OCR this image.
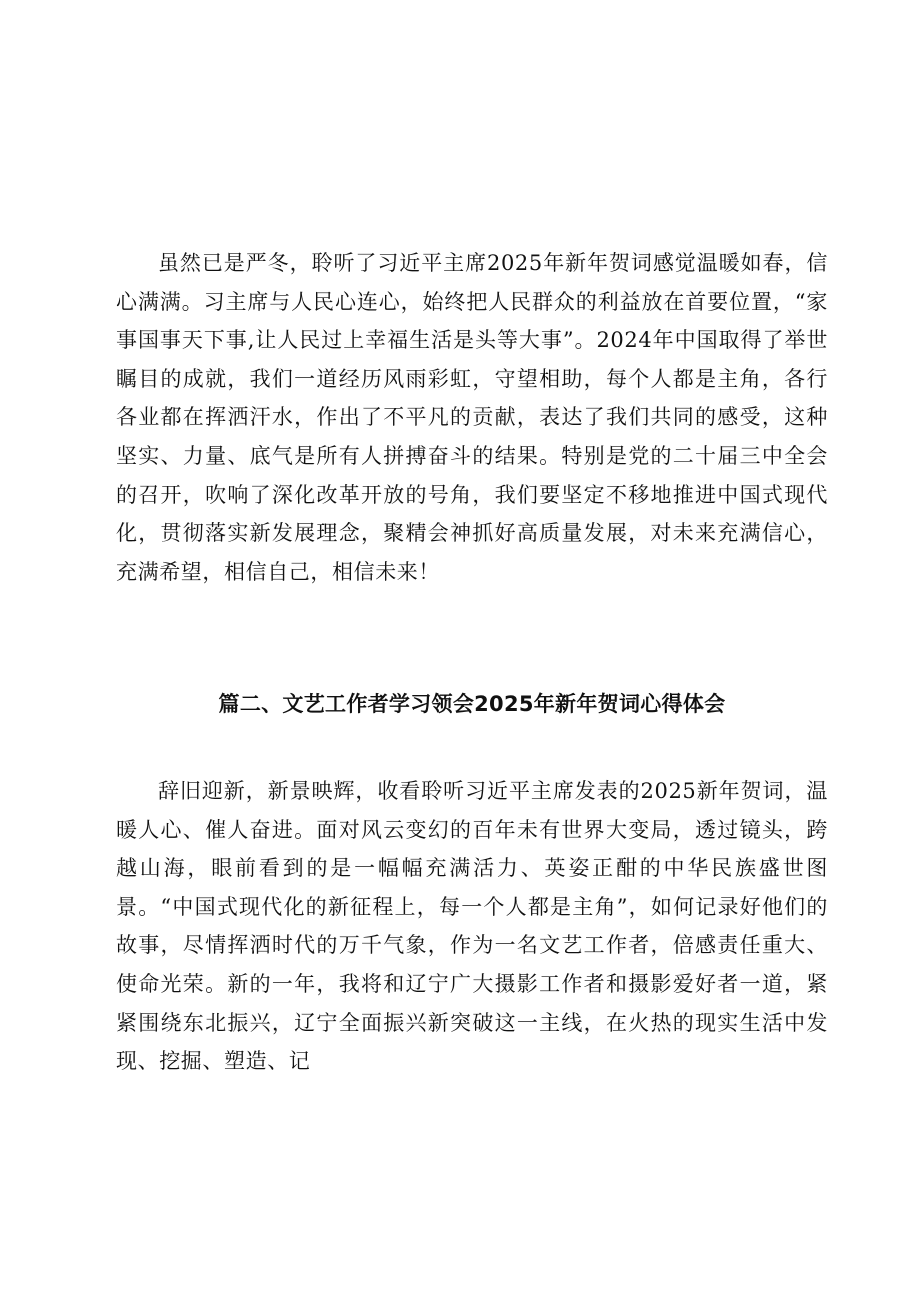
虽然已是严冬，聆听了习近平主席2025年新年贺词感觉温暖如春，信心满满。习主席与人民心连心，始终把人民群众的利益放在首要位置，“家事国事天下事,让人民过上幸福生活是头等大事”。2024年中国取得了举世瞩目的成就，我们一道经历风雨彩虹，守望相助，每个人都是主角，各行各业都在挥洒汗水，作出了不平凡的贡献，表达了我们共同的感受，这种坚实、力量、底气是所有人拼搏奋斗的结果。特别是党的二十届三中全会的召开，吹响了深化改革开放的号角，我们要坚定不移地推进中国式现代化，贯彻落实新发展理念，聚精会神抓好高质量发展，对未来充满信心，充满希望，相信自己，相信未来！

篇二、文艺工作者学习领会2025年新年贺词心得体会

辞旧迎新，新景映辉，收看聆听习近平主席发表的2025新年贺词，温暖人心、催人奋进。面对风云变幻的百年未有世界大变局，透过镜头，跨越山海，眼前看到的是一幅幅充满活力、英姿正酣的中华民族盛世图景。“中国式现代化的新征程上，每一个人都是主角”，如何记录好他们的故事，尽情挥洒时代的万千气象，作为一名文艺工作者，倍感责任重大、使命光荣。新的一年，我将和辽宁广大摄影工作者和摄影爱好者一道，紧紧围绕东北振兴，辽宁全面振兴新突破这一主线，在火热的现实生活中发现、挖掘、塑造、记
